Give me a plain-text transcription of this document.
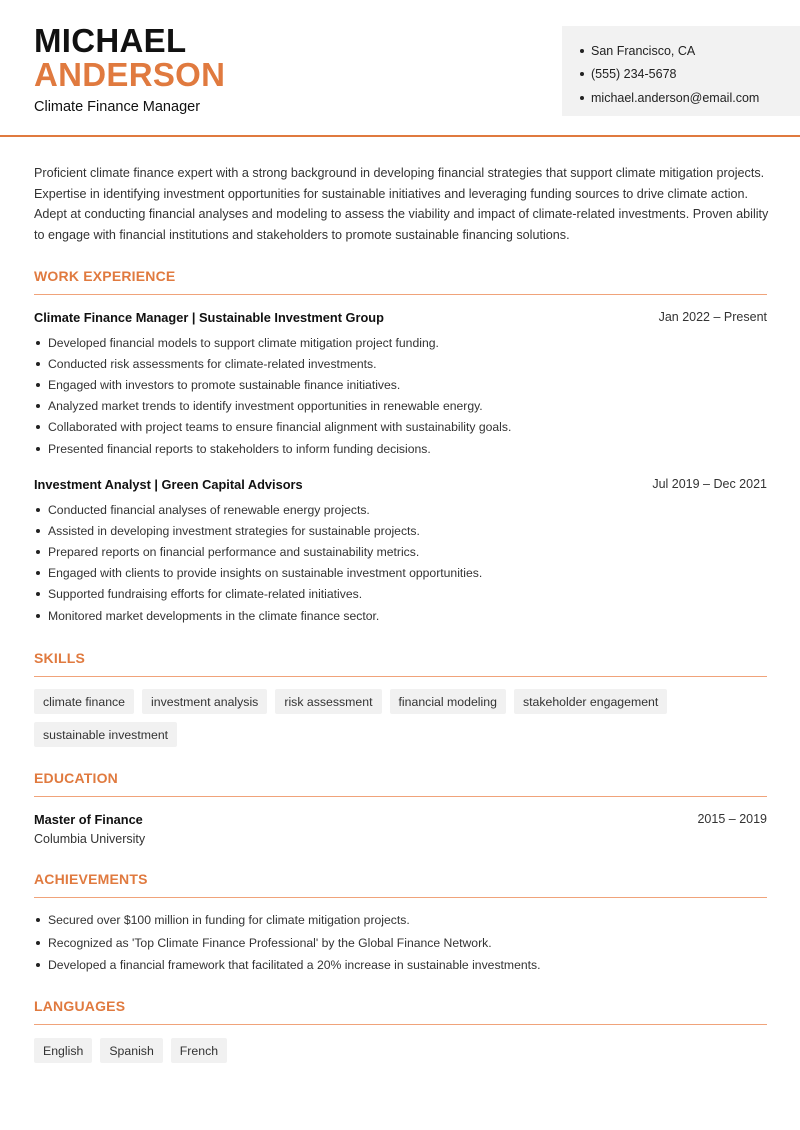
MICHAEL
ANDERSON
Climate Finance Manager
San Francisco, CA
(555) 234-5678
michael.anderson@email.com

Proficient climate finance expert with a strong background in developing financial strategies that support climate mitigation projects. Expertise in identifying investment opportunities for sustainable initiatives and leveraging funding sources to drive climate action. Adept at conducting financial analyses and modeling to assess the viability and impact of climate-related investments. Proven ability to engage with financial institutions and stakeholders to promote sustainable financing solutions.

WORK EXPERIENCE
Climate Finance Manager | Sustainable Investment Group	Jan 2022 – Present
Developed financial models to support climate mitigation project funding.
Conducted risk assessments for climate-related investments.
Engaged with investors to promote sustainable finance initiatives.
Analyzed market trends to identify investment opportunities in renewable energy.
Collaborated with project teams to ensure financial alignment with sustainability goals.
Presented financial reports to stakeholders to inform funding decisions.
Investment Analyst | Green Capital Advisors	Jul 2019 – Dec 2021
Conducted financial analyses of renewable energy projects.
Assisted in developing investment strategies for sustainable projects.
Prepared reports on financial performance and sustainability metrics.
Engaged with clients to provide insights on sustainable investment opportunities.
Supported fundraising efforts for climate-related initiatives.
Monitored market developments in the climate finance sector.
SKILLS
climate finance	investment analysis	risk assessment	financial modeling	stakeholder engagement
sustainable investment
EDUCATION
Master of Finance	2015 – 2019
Columbia University
ACHIEVEMENTS
Secured over $100 million in funding for climate mitigation projects.
Recognized as 'Top Climate Finance Professional' by the Global Finance Network.
Developed a financial framework that facilitated a 20% increase in sustainable investments.
LANGUAGES
English	Spanish	French
